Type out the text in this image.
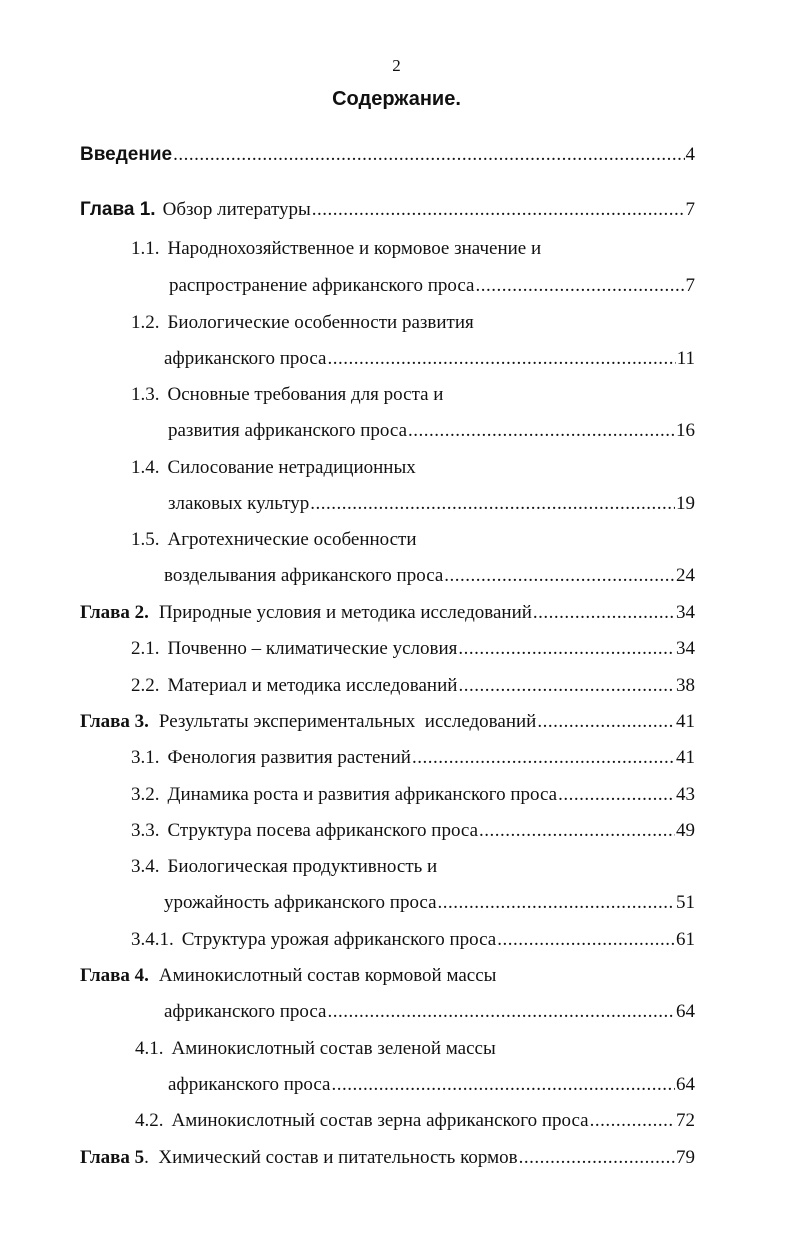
2
Содержание.
Введение .....	4
Глава 1. Обзор литературы .....	7
1.1. Народнохозяйственное и кормовое значение и
распространение африканского проса .....	7
1.2. Биологические особенности развития
африканского проса .....	11
1.3. Основные требования для роста и
развития африканского проса .....	16
1.4. Силосование нетрадиционных
злаковых культур .....	19
1.5. Агротехнические особенности
возделывания африканского проса .....	24
Глава 2. Природные условия и методика исследований .....	34
2.1. Почвенно – климатические условия .....	34
2.2. Материал и методика исследований .....	38
Глава 3. Результаты экспериментальных  исследований .....	41
3.1. Фенология развития растений .....	41
3.2. Динамика роста и развития африканского проса .....	43
3.3. Структура посева африканского проса .....	49
3.4. Биологическая продуктивность и
урожайность африканского проса .....	51
3.4.1. Структура урожая африканского проса .....	61
Глава 4. Аминокислотный состав кормовой массы
африканского проса .....	64
4.1. Аминокислотный состав зеленой массы
африканского проса .....	64
4.2. Аминокислотный состав зерна африканского проса .....	72
Глава 5 .  Химический состав и питательность кормов .....	79
